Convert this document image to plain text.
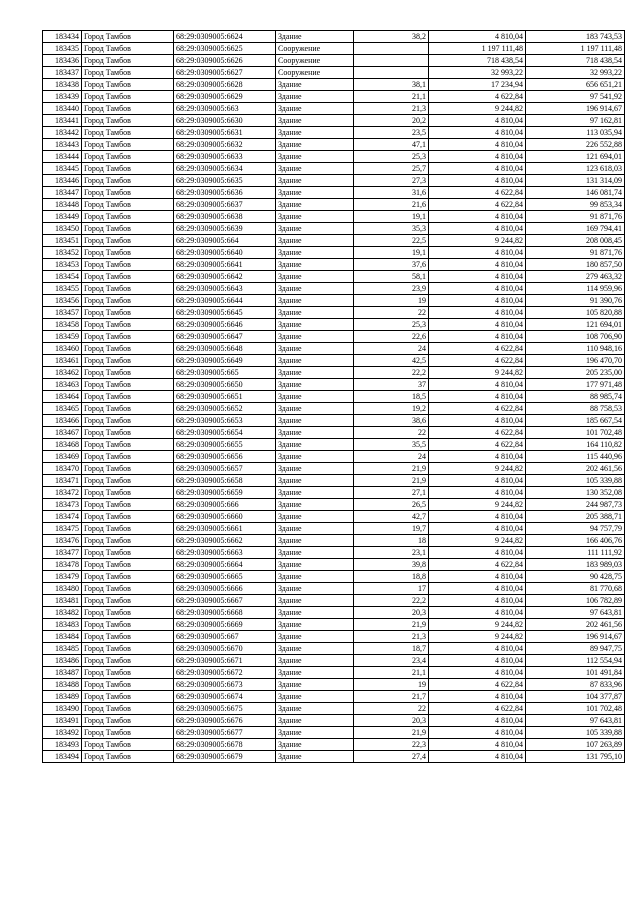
183434	Город Тамбов	68:29:0309005:6624	Здание	38,2	4 810,04	183 743,53
183435	Город Тамбов	68:29:0309005:6625	Сооружение		1 197 111,48	1 197 111,48
183436	Город Тамбов	68:29:0309005:6626	Сооружение		718 438,54	718 438,54
183437	Город Тамбов	68:29:0309005:6627	Сооружение		32 993,22	32 993,22
183438	Город Тамбов	68:29:0309005:6628	Здание	38,1	17 234,94	656 651,21
183439	Город Тамбов	68:29:0309005:6629	Здание	21,1	4 622,84	97 541,92
183440	Город Тамбов	68:29:0309005:663	Здание	21,3	9 244,82	196 914,67
183441	Город Тамбов	68:29:0309005:6630	Здание	20,2	4 810,04	97 162,81
183442	Город Тамбов	68:29:0309005:6631	Здание	23,5	4 810,04	113 035,94
183443	Город Тамбов	68:29:0309005:6632	Здание	47,1	4 810,04	226 552,88
183444	Город Тамбов	68:29:0309005:6633	Здание	25,3	4 810,04	121 694,01
183445	Город Тамбов	68:29:0309005:6634	Здание	25,7	4 810,04	123 618,03
183446	Город Тамбов	68:29:0309005:6635	Здание	27,3	4 810,04	131 314,09
183447	Город Тамбов	68:29:0309005:6636	Здание	31,6	4 622,84	146 081,74
183448	Город Тамбов	68:29:0309005:6637	Здание	21,6	4 622,84	99 853,34
183449	Город Тамбов	68:29:0309005:6638	Здание	19,1	4 810,04	91 871,76
183450	Город Тамбов	68:29:0309005:6639	Здание	35,3	4 810,04	169 794,41
183451	Город Тамбов	68:29:0309005:664	Здание	22,5	9 244,82	208 008,45
183452	Город Тамбов	68:29:0309005:6640	Здание	19,1	4 810,04	91 871,76
183453	Город Тамбов	68:29:0309005:6641	Здание	37,6	4 810,04	180 857,50
183454	Город Тамбов	68:29:0309005:6642	Здание	58,1	4 810,04	279 463,32
183455	Город Тамбов	68:29:0309005:6643	Здание	23,9	4 810,04	114 959,96
183456	Город Тамбов	68:29:0309005:6644	Здание	19	4 810,04	91 390,76
183457	Город Тамбов	68:29:0309005:6645	Здание	22	4 810,04	105 820,88
183458	Город Тамбов	68:29:0309005:6646	Здание	25,3	4 810,04	121 694,01
183459	Город Тамбов	68:29:0309005:6647	Здание	22,6	4 810,04	108 706,90
183460	Город Тамбов	68:29:0309005:6648	Здание	24	4 622,84	110 948,16
183461	Город Тамбов	68:29:0309005:6649	Здание	42,5	4 622,84	196 470,70
183462	Город Тамбов	68:29:0309005:665	Здание	22,2	9 244,82	205 235,00
183463	Город Тамбов	68:29:0309005:6650	Здание	37	4 810,04	177 971,48
183464	Город Тамбов	68:29:0309005:6651	Здание	18,5	4 810,04	88 985,74
183465	Город Тамбов	68:29:0309005:6652	Здание	19,2	4 622,84	88 758,53
183466	Город Тамбов	68:29:0309005:6653	Здание	38,6	4 810,04	185 667,54
183467	Город Тамбов	68:29:0309005:6654	Здание	22	4 622,84	101 702,48
183468	Город Тамбов	68:29:0309005:6655	Здание	35,5	4 622,84	164 110,82
183469	Город Тамбов	68:29:0309005:6656	Здание	24	4 810,04	115 440,96
183470	Город Тамбов	68:29:0309005:6657	Здание	21,9	9 244,82	202 461,56
183471	Город Тамбов	68:29:0309005:6658	Здание	21,9	4 810,04	105 339,88
183472	Город Тамбов	68:29:0309005:6659	Здание	27,1	4 810,04	130 352,08
183473	Город Тамбов	68:29:0309005:666	Здание	26,5	9 244,82	244 987,73
183474	Город Тамбов	68:29:0309005:6660	Здание	42,7	4 810,04	205 388,71
183475	Город Тамбов	68:29:0309005:6661	Здание	19,7	4 810,04	94 757,79
183476	Город Тамбов	68:29:0309005:6662	Здание	18	9 244,82	166 406,76
183477	Город Тамбов	68:29:0309005:6663	Здание	23,1	4 810,04	111 111,92
183478	Город Тамбов	68:29:0309005:6664	Здание	39,8	4 622,84	183 989,03
183479	Город Тамбов	68:29:0309005:6665	Здание	18,8	4 810,04	90 428,75
183480	Город Тамбов	68:29:0309005:6666	Здание	17	4 810,04	81 770,68
183481	Город Тамбов	68:29:0309005:6667	Здание	22,2	4 810,04	106 782,89
183482	Город Тамбов	68:29:0309005:6668	Здание	20,3	4 810,04	97 643,81
183483	Город Тамбов	68:29:0309005:6669	Здание	21,9	9 244,82	202 461,56
183484	Город Тамбов	68:29:0309005:667	Здание	21,3	9 244,82	196 914,67
183485	Город Тамбов	68:29:0309005:6670	Здание	18,7	4 810,04	89 947,75
183486	Город Тамбов	68:29:0309005:6671	Здание	23,4	4 810,04	112 554,94
183487	Город Тамбов	68:29:0309005:6672	Здание	21,1	4 810,04	101 491,84
183488	Город Тамбов	68:29:0309005:6673	Здание	19	4 622,84	87 833,96
183489	Город Тамбов	68:29:0309005:6674	Здание	21,7	4 810,04	104 377,87
183490	Город Тамбов	68:29:0309005:6675	Здание	22	4 622,84	101 702,48
183491	Город Тамбов	68:29:0309005:6676	Здание	20,3	4 810,04	97 643,81
183492	Город Тамбов	68:29:0309005:6677	Здание	21,9	4 810,04	105 339,88
183493	Город Тамбов	68:29:0309005:6678	Здание	22,3	4 810,04	107 263,89
183494	Город Тамбов	68:29:0309005:6679	Здание	27,4	4 810,04	131 795,10
